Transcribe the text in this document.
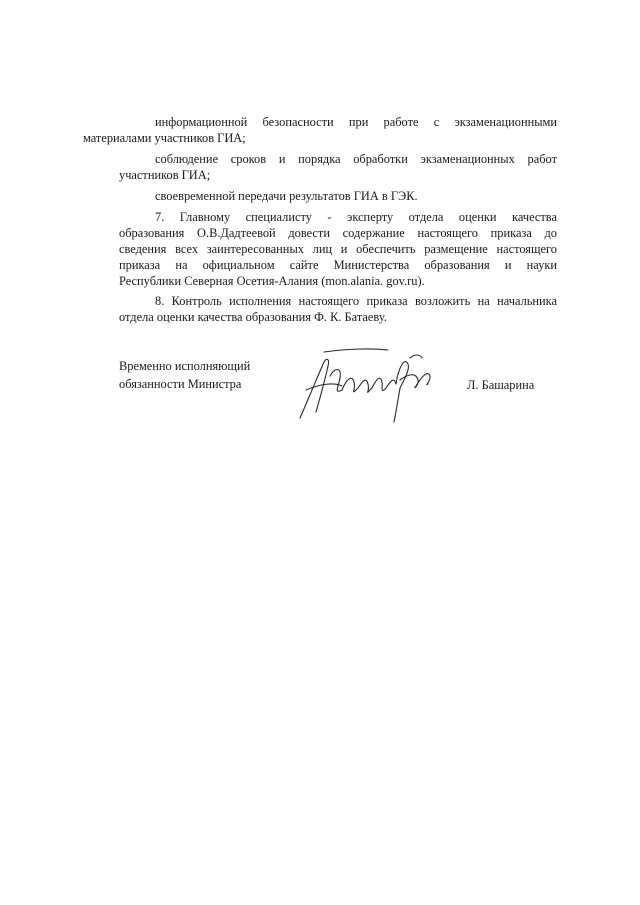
информационной безопасности при работе с экзаменационными
материалами участников ГИА;

соблюдение сроков и порядка обработки экзаменационных работ
участников ГИА;

своевременной передачи результатов ГИА в ГЭК.

7. Главному специалисту - эксперту отдела оценки качества
образования О.В.Дадтеевой довести содержание настоящего приказа до
сведения всех заинтересованных лиц и обеспечить размещение настоящего
приказа на официальном сайте Министерства образования и науки
Республики Северная Осетия-Алания (mon.alania. gov.ru).

8. Контроль исполнения настоящего приказа возложить на начальника
отдела оценки качества образования Ф. К. Батаеву.

Временно исполняющий
обязанности Министра	Л. Башарина
